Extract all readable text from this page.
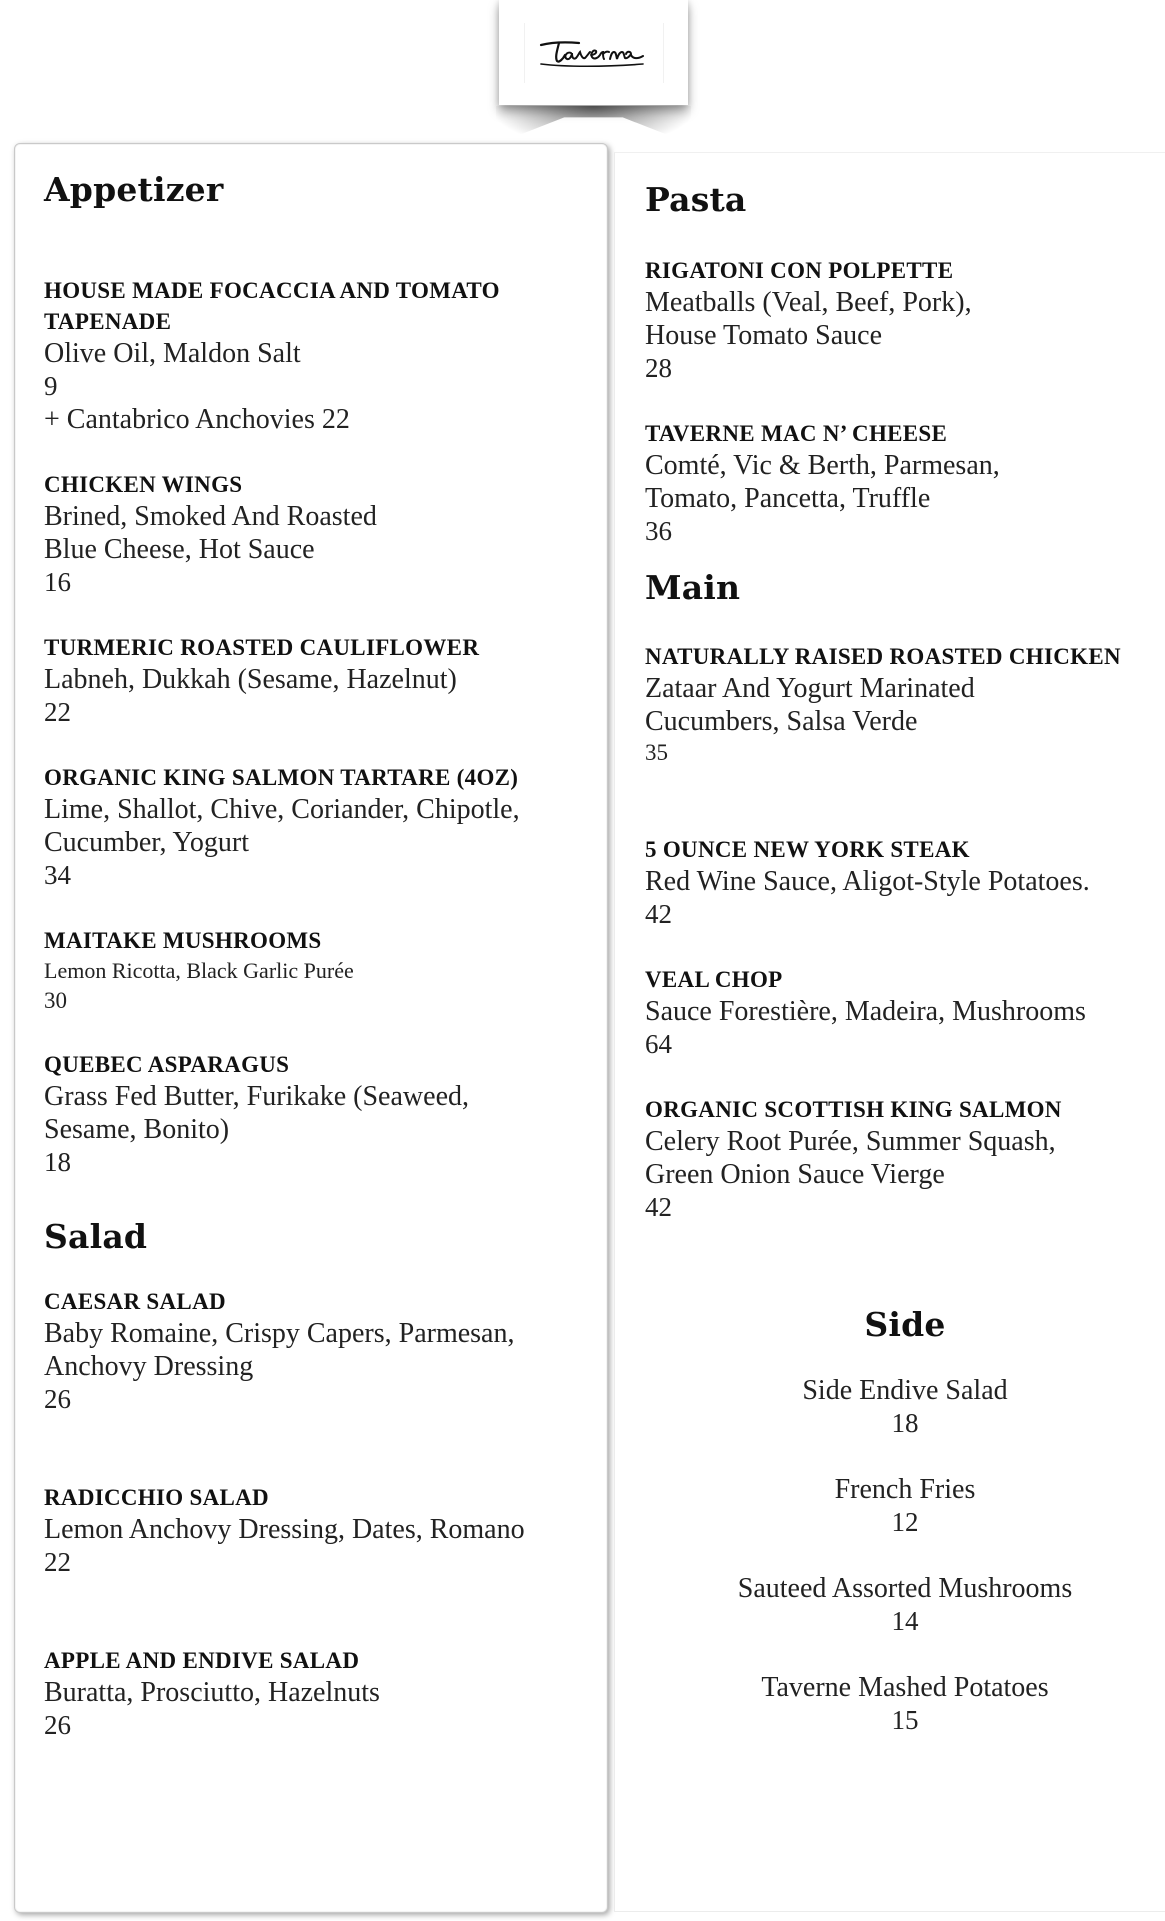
Taverne
Appetizer
HOUSE MADE FOCACCIA AND TOMATO TAPENADE
Olive Oil, Maldon Salt
9
+ Cantabrico Anchovies 22
CHICKEN WINGS
Brined, Smoked And Roasted
Blue Cheese, Hot Sauce
16
TURMERIC ROASTED CAULIFLOWER
Labneh, Dukkah (Sesame, Hazelnut)
22
ORGANIC KING SALMON TARTARE (4OZ)
Lime, Shallot, Chive, Coriander, Chipotle,
Cucumber, Yogurt
34
MAITAKE MUSHROOMS
Lemon Ricotta, Black Garlic Purée
30
QUEBEC ASPARAGUS
Grass Fed Butter, Furikake (Seaweed,
Sesame, Bonito)
18
Salad
CAESAR SALAD
Baby Romaine, Crispy Capers, Parmesan,
Anchovy Dressing
26
RADICCHIO SALAD
Lemon Anchovy Dressing, Dates, Romano
22
APPLE AND ENDIVE SALAD
Buratta, Prosciutto, Hazelnuts
26
Pasta
RIGATONI CON POLPETTE
Meatballs (Veal, Beef, Pork),
House Tomato Sauce
28
TAVERNE MAC N’ CHEESE
Comté, Vic & Berth, Parmesan,
Tomato, Pancetta, Truffle
36
Main
NATURALLY RAISED ROASTED CHICKEN
Zataar And Yogurt Marinated
Cucumbers, Salsa Verde
35
5 OUNCE NEW YORK STEAK
Red Wine Sauce, Aligot-Style Potatoes.
42
VEAL CHOP
Sauce Forestière, Madeira, Mushrooms
64
ORGANIC SCOTTISH KING SALMON
Celery Root Purée, Summer Squash,
Green Onion Sauce Vierge
42
Side
Side Endive Salad
18
French Fries
12
Sauteed Assorted Mushrooms
14
Taverne Mashed Potatoes
15
